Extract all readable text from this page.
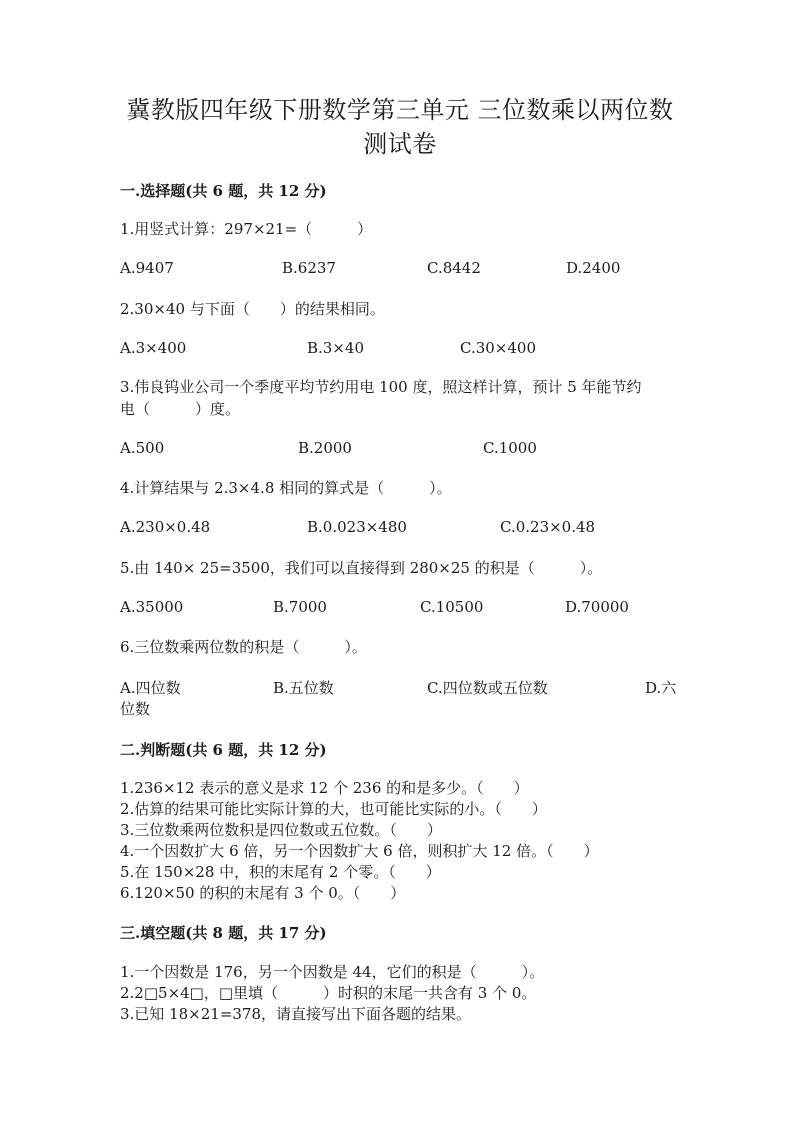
冀教版四年级下册数学第三单元 三位数乘以两位数
测试卷
一.选择题(共 6 题，共 12 分)
1.用竖式计算：297×21=（　　　）
A.9407	B.6237	C.8442	D.2400
2.30×40 与下面（　　）的结果相同。
A.3×400	B.3×40	C.30×400
3.伟良钨业公司一个季度平均节约用电 100 度，照这样计算，预计 5 年能节约
电（　　　）度。
A.500	B.2000	C.1000
4.计算结果与 2.3×4.8 相同的算式是（　　　）。
A.230×0.48	B.0.023×480	C.0.23×0.48
5.由 140× 25=3500，我们可以直接得到 280×25 的积是（　　　）。
A.35000	B.7000	C.10500	D.70000
6.三位数乘两位数的积是（　　　）。
A.四位数	B.五位数	C.四位数或五位数	D.六
位数
二.判断题(共 6 题，共 12 分)
1.236×12 表示的意义是求 12 个 236 的和是多少。（　　）
2.估算的结果可能比实际计算的大，也可能比实际的小。（　　）
3.三位数乘两位数积是四位数或五位数。（　　）
4.一个因数扩大 6 倍，另一个因数扩大 6 倍，则积扩大 12 倍。（　　）
5.在 150×28 中，积的末尾有 2 个零。（　　）
6.120×50 的积的末尾有 3 个 0。（　　）
三.填空题(共 8 题，共 17 分)
1.一个因数是 176，另一个因数是 44，它们的积是（　　　）。
2.2□5×4□，□里填（　　　）时积的末尾一共含有 3 个 0。
3.已知 18×21=378，请直接写出下面各题的结果。
